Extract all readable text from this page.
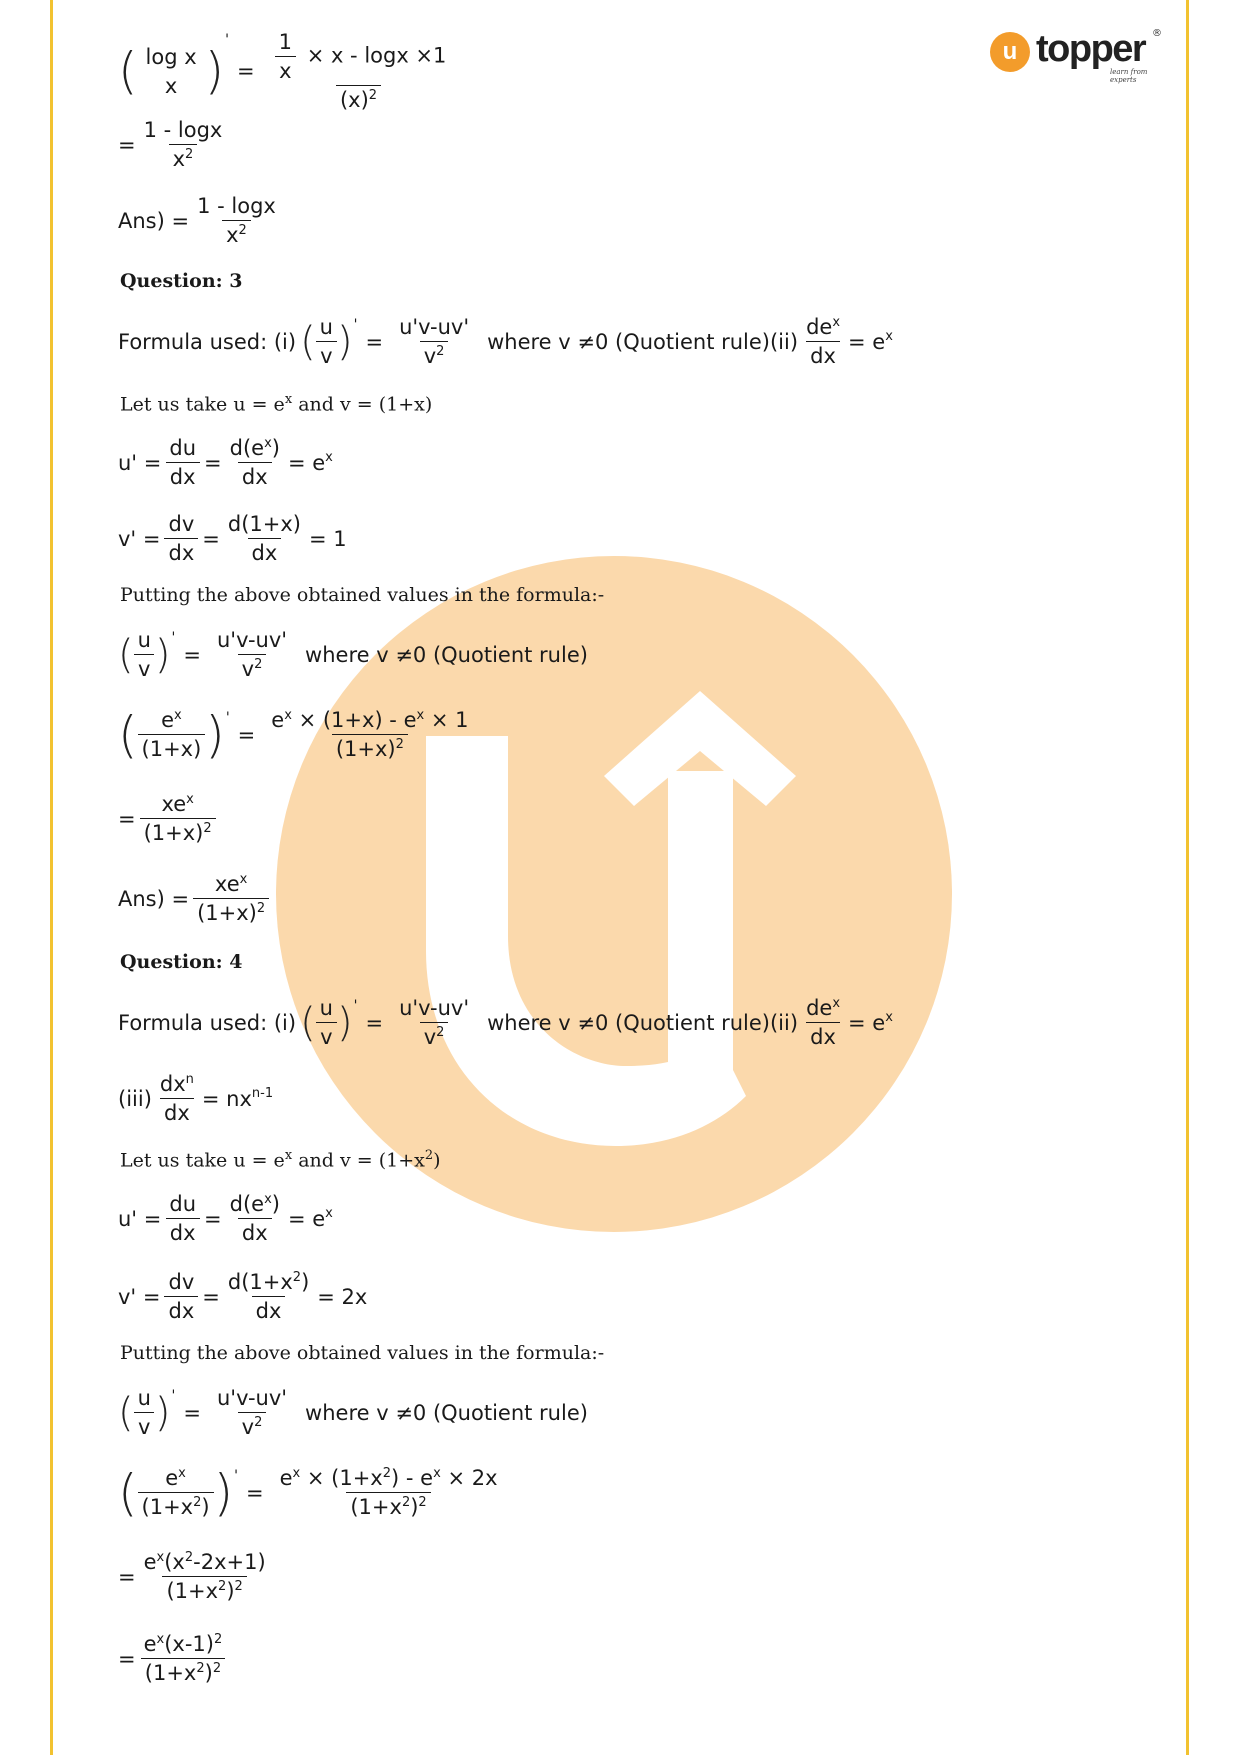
u topper ®
learn from experts
( log x
x )
'
= $\frac{\frac{1}{x} \times x - \log x \times 1}{(x)^2}$
= $\frac{1 - \log x}{x^2}$
$Ans) = \frac{1 - \log x}{x^2}$
Question: 3
Formula used: (i) ( $\frac{u}{v}$ ) '
= $\frac{u'v-uv'}{v^2}$ where v ≠0 (Quotient rule)(ii) $\frac{de^x}{dx} = e^x$
Let us take $u = e^x$ and v = (1+x)
$u' = \frac{du}{dx} = \frac{d(e^x)}{dx} = e^x$
$v' = \frac{dv}{dx} = \frac{d(1+x)}{dx} = 1$
Putting the above obtained values in the formula:-
( $\frac{u}{v}$ ) '
= $\frac{u'v-uv'}{v^2}$ where v ≠0 (Quotient rule)
( $\frac{e^x}{(1+x)}$ ) '
= $\frac{e^x \times (1+x) - e^x \times 1}{(1+x)^2}$
= $\frac{xe^x}{(1+x)^2}$
$Ans) = \frac{xe^x}{(1+x)^2}$
Question: 4
Formula used: (i) ( $\frac{u}{v}$ ) '
= $\frac{u'v-uv'}{v^2}$ where v ≠0 (Quotient rule)(ii) $\frac{de^x}{dx} = e^x$
$(iii) \frac{dx^n}{dx} = nx^{n-1}$
Let us take $u = e^x$ and $v = (1+x^2)$
$u' = \frac{du}{dx} = \frac{d(e^x)}{dx} = e^x$
$v' = \frac{dv}{dx} = \frac{d(1+x^2)}{dx} = 2x$
Putting the above obtained values in the formula:-
( $\frac{u}{v}$ ) '
= $\frac{u'v-uv'}{v^2}$ where v ≠0 (Quotient rule)
( $\frac{e^x}{(1+x^2)}$ ) '
= $\frac{e^x \times (1+x^2) - e^x \times 2x}{(1+x^2)^2}$
= $\frac{e^x(x^2-2x+1)}{(1+x^2)^2}$
= $\frac{e^x(x-1)^2}{(1+x^2)^2}$
